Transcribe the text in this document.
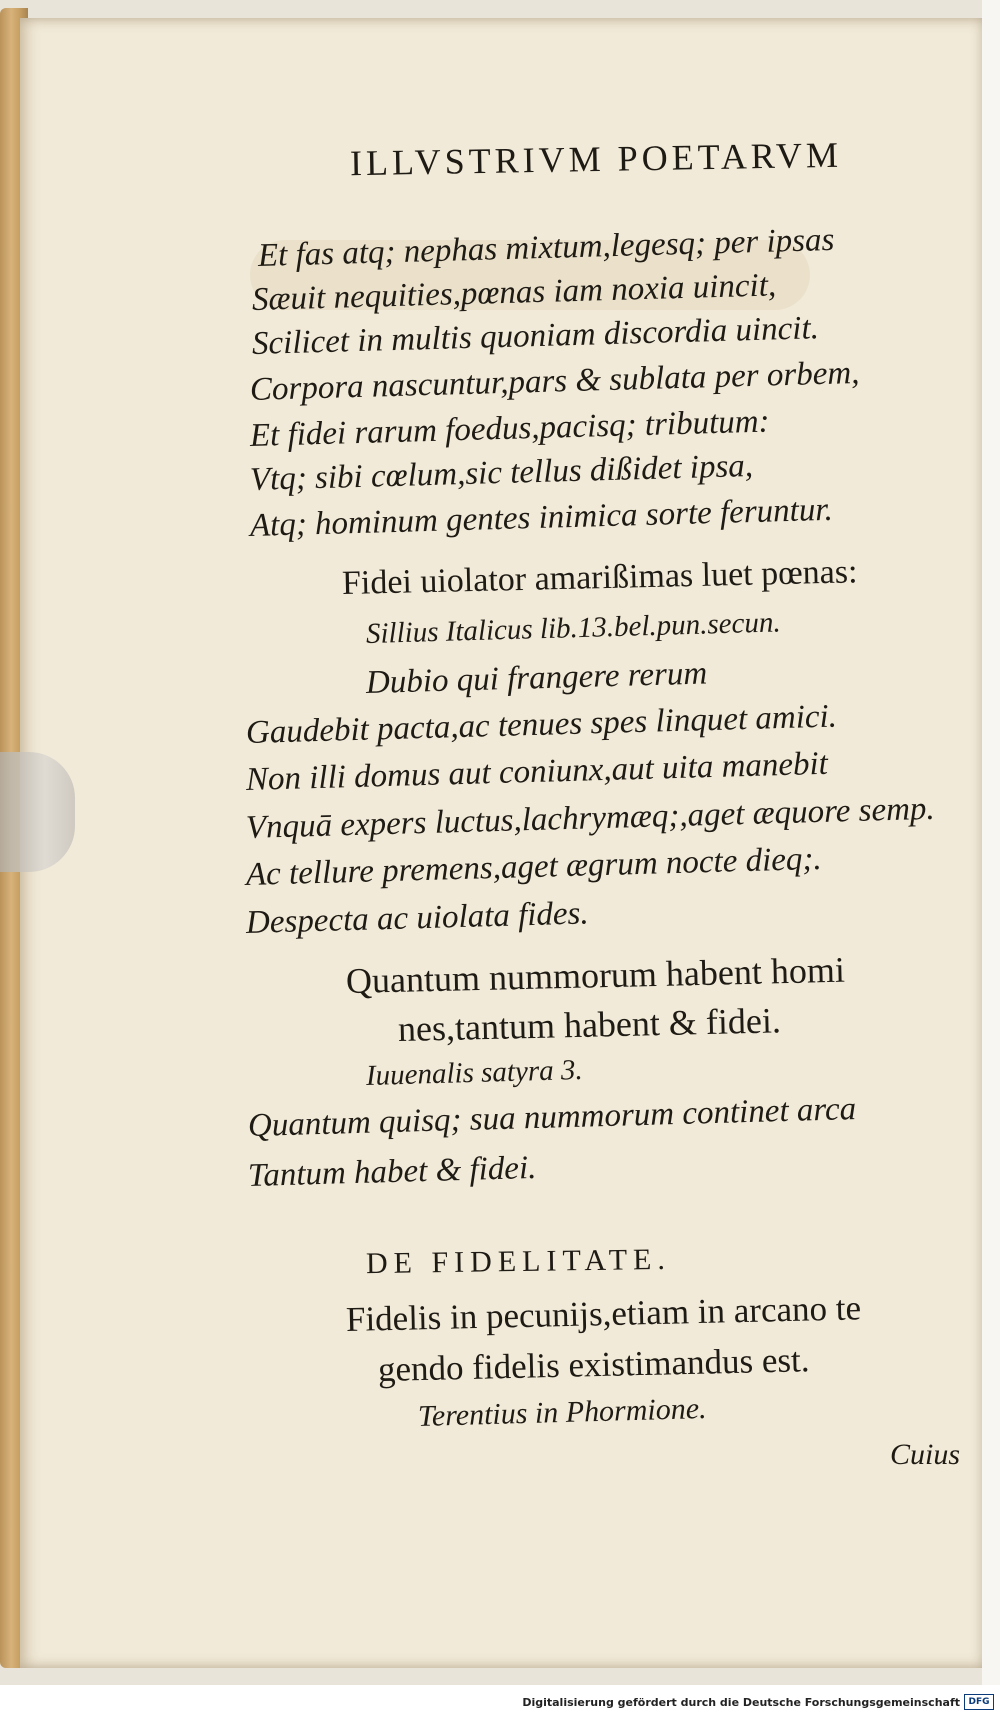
ILLVSTRIVM POETARVM
Et fas atq; nephas mixtum,legesq; per ipsas
Sæuit nequities,pœnas iam noxia uincit,
Scilicet in multis quoniam discordia uincit.
Corpora nascuntur,pars & sublata per orbem,
Et fidei rarum foedus,pacisq; tributum:
Vtq; sibi cœlum,sic tellus dißidet ipsa,
Atq; hominum gentes inimica sorte feruntur.
Fidei uiolator amarißimas luet pœnas:
Sillius Italicus lib.13.bel.pun.secun.
Dubio qui frangere rerum
Gaudebit pacta,ac tenues spes linquet amici.
Non illi domus aut coniunx,aut uita manebit
Vnquā expers luctus,lachrymæq;,aget æquore semp.
Ac tellure premens,aget ægrum nocte dieq;.
Despecta ac uiolata fides.
Quantum nummorum habent homi
nes,tantum habent & fidei.
Iuuenalis satyra 3.
Quantum quisq; sua nummorum continet arca
Tantum habet & fidei.
DE FIDELITATE.
Fidelis in pecunijs,etiam in arcano te
gendo fidelis existimandus est.
Terentius in Phormione.
Cuius
Digitalisierung gefördert durch die Deutsche Forschungsgemeinschaft DFG
